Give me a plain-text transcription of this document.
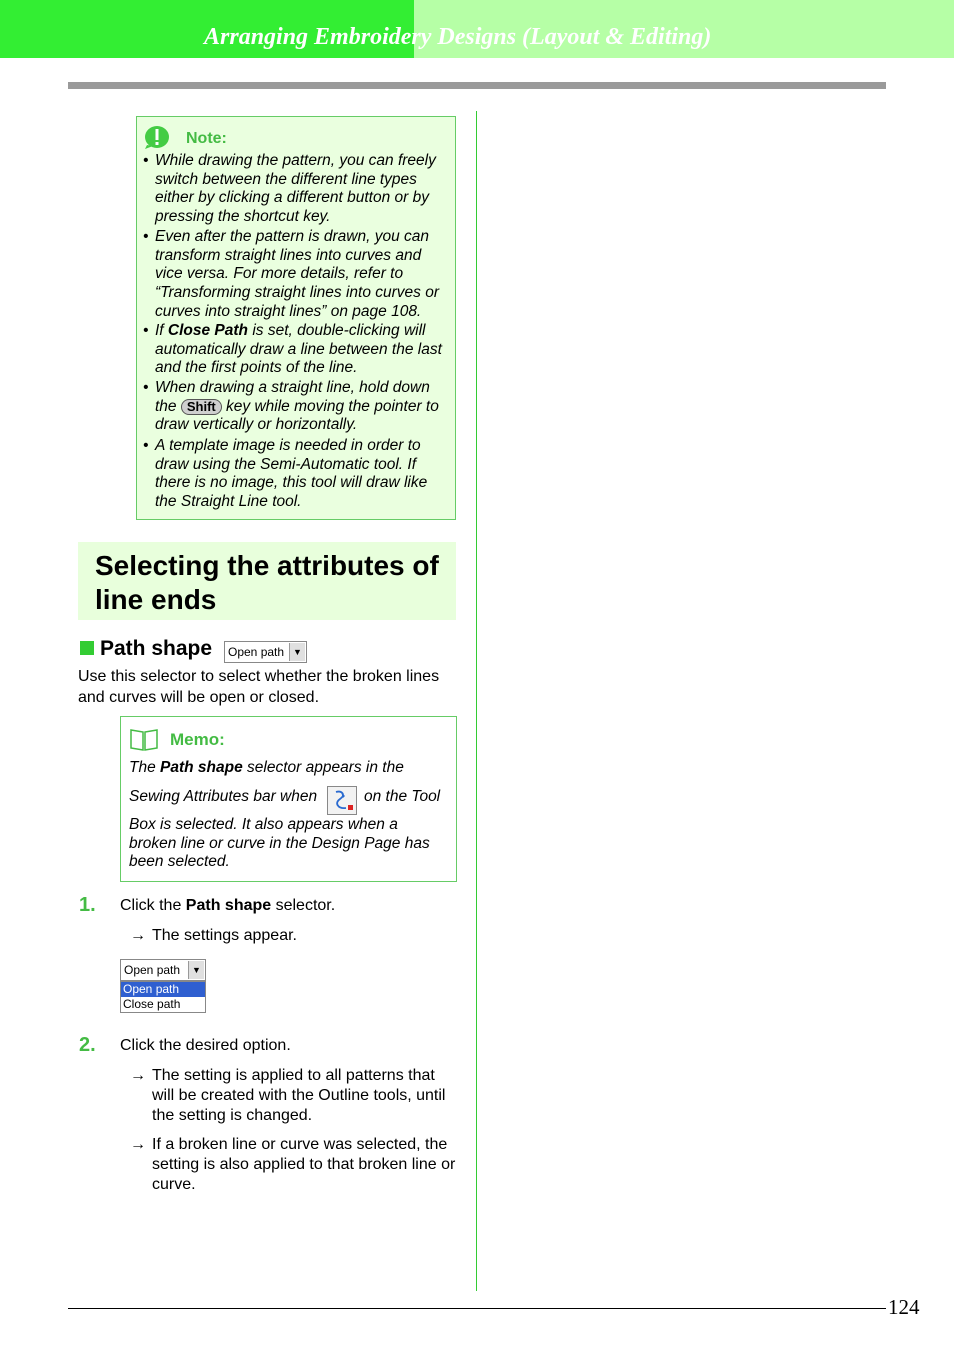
Arranging Embroidery Designs (Layout & Editing)
Note:
• While drawing the pattern, you can freely switch between the different line types either by clicking a different button or by pressing the shortcut key.
• Even after the pattern is drawn, you can transform straight lines into curves and vice versa. For more details, refer to “Transforming straight lines into curves or curves into straight lines” on page 108.
• If Close Path is set, double-clicking will automatically draw a line between the last and the first points of the line.
• When drawing a straight line, hold down the Shift key while moving the pointer to draw vertically or horizontally.
• A template image is needed in order to draw using the Semi-Automatic tool. If there is no image, this tool will draw like the Straight Line tool.
Selecting the attributes of line ends
Path shape Open path ▼
Use this selector to select whether the broken lines and curves will be open or closed.
Memo:
The Path shape selector appears in the
Sewing Attributes bar when	on the Tool
Box is selected. It also appears when a broken line or curve in the Design Page has been selected.
1. Click the Path shape selector.
→ The settings appear.
Open path	▼
Open path
Close path
2. Click the desired option.
→ The setting is applied to all patterns that will be created with the Outline tools, until the setting is changed.
→ If a broken line or curve was selected, the setting is also applied to that broken line or curve.
124
